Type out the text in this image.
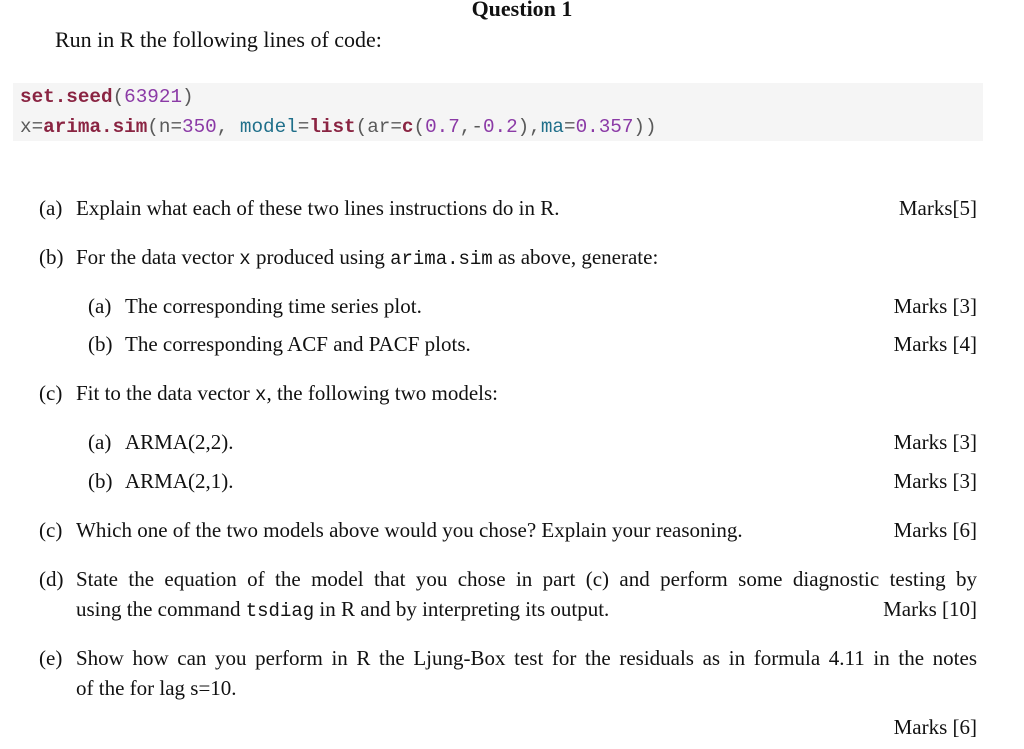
Question 1
Run in R the following lines of code:
set.seed(63921)
x=arima.sim(n=350, model=list(ar=c(0.7,-0.2),ma=0.357))
(a) Explain what each of these two lines instructions do in R.	Marks[5]
(b) For the data vector x produced using arima.sim as above, generate:
(a) The corresponding time series plot.	Marks [3]
(b) The corresponding ACF and PACF plots.	Marks [4]
(c) Fit to the data vector x, the following two models:
(a) ARMA(2,2).	Marks [3]
(b) ARMA(2,1).	Marks [3]
(c) Which one of the two models above would you chose? Explain your reasoning.	Marks [6]
(d) State the equation of the model that you chose in part (c) and perform some diagnostic testing by
using the command tsdiag in R and by interpreting its output.	Marks [10]
(e) Show how can you perform in R the Ljung-Box test for the residuals as in formula 4.11 in the notes
of the for lag s=10.
Marks [6]
